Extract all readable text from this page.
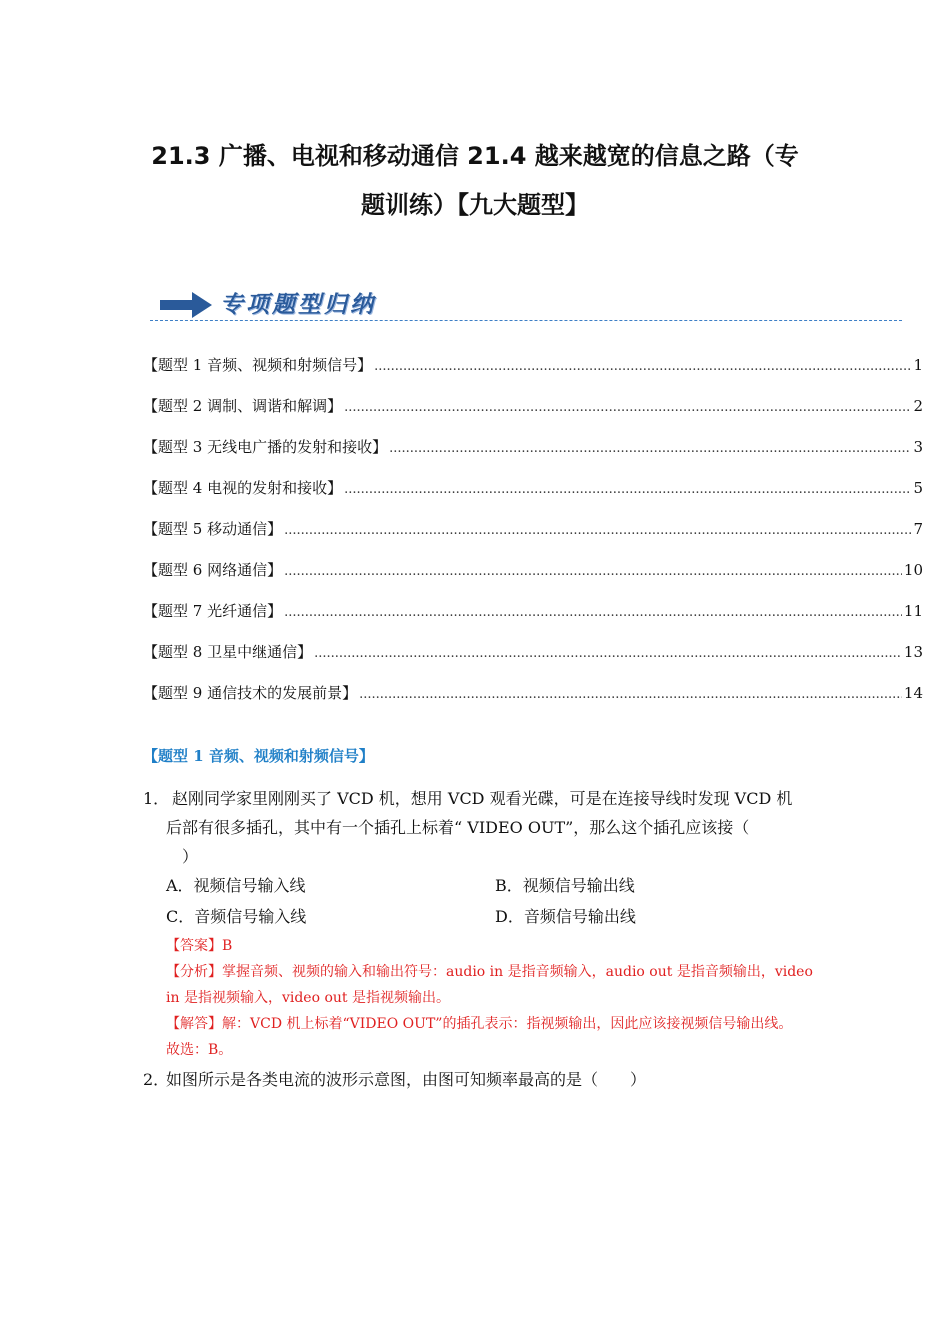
21.3 广播、电视和移动通信 21.4 越来越宽的信息之路（专
题训练）【九大题型】
专项题型归纳
【题型 1 音频、视频和射频信号】 .....	1
【题型 2 调制、调谐和解调】 .....	2
【题型 3 无线电广播的发射和接收】 .....	3
【题型 4 电视的发射和接收】 .....	5
【题型 5 移动通信】 .....	7
【题型 6 网络通信】 .....	10
【题型 7 光纤通信】 .....	11
【题型 8 卫星中继通信】 .....	13
【题型 9 通信技术的发展前景】 .....	14
【题型 1 音频、视频和射频信号】
1． 赵刚同学家里刚刚买了 VCD 机，想用 VCD 观看光碟，可是在连接导线时发现 VCD 机
后部有很多插孔，其中有一个插孔上标着“ VIDEO OUT”，那么这个插孔应该接（
）
A．视频信号输入线	B．视频信号输出线
C．音频信号输入线	D．音频信号输出线
【答案】B
【分析】掌握音频、视频的输入和输出符号：audio in 是指音频输入，audio out 是指音频输出，video
in 是指视频输入，video out 是指视频输出。
【解答】解：VCD 机上标着“VIDEO OUT”的插孔表示：指视频输出，因此应该接视频信号输出线。
故选：B。
2．
如图所示是各类电流的波形示意图，由图可知频率最高的是（　　）
